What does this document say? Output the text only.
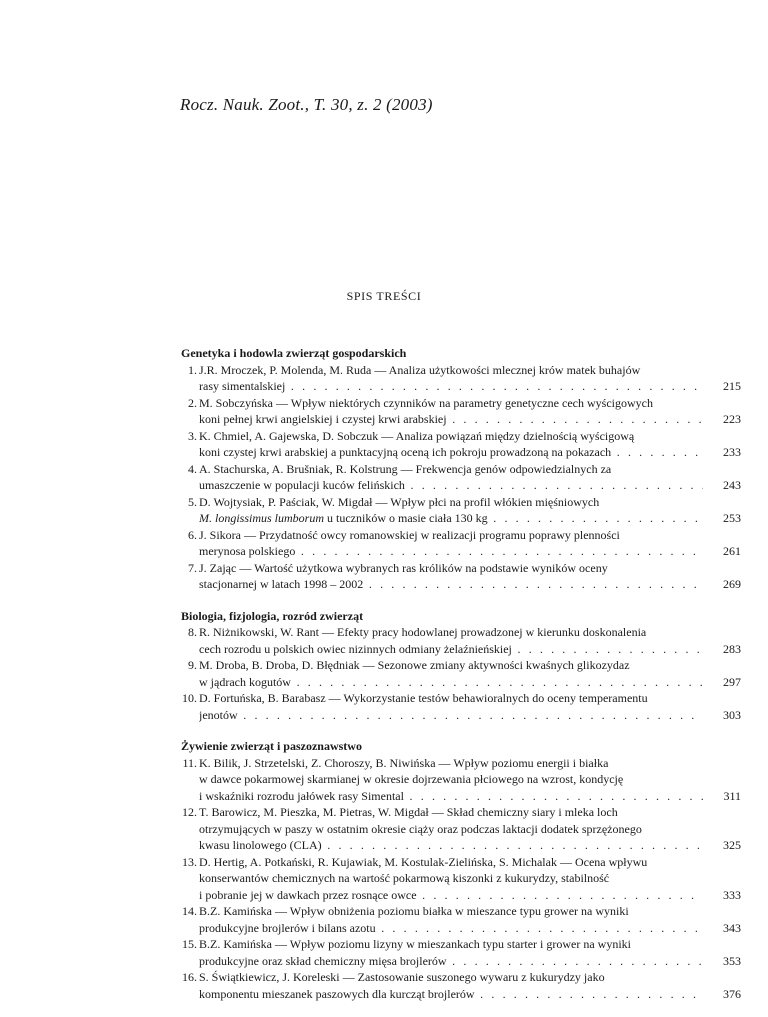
Rocz. Nauk. Zoot., T. 30, z. 2 (2003)
SPIS TREŚCI
Genetyka i hodowla zwierząt gospodarskich
1. J.R. Mroczek, P. Molenda, M. Ruda — Analiza użytkowości mlecznej krów matek buhajów
rasy simentalskiej . . .	215
2. M. Sobczyńska — Wpływ niektórych czynników na parametry genetyczne cech wyścigowych
koni pełnej krwi angielskiej i czystej krwi arabskiej . . .	223
3. K. Chmiel, A. Gajewska, D. Sobczuk — Analiza powiązań między dzielnością wyścigową
koni czystej krwi arabskiej a punktacyjną oceną ich pokroju prowadzoną na pokazach . . .	233
4. A. Stachurska, A. Brušniak, R. Kolstrung — Frekwencja genów odpowiedzialnych za
umaszczenie w populacji kuców felińskich . . .	243
5. D. Wojtysiak, P. Paściak, W. Migdał — Wpływ płci na profil włókien mięśniowych
M. longissimus lumborum u tuczników o masie ciała 130 kg . . .	253
6. J. Sikora — Przydatność owcy romanowskiej w realizacji programu poprawy plenności
merynosa polskiego . . .	261
7. J. Zając — Wartość użytkowa wybranych ras królików na podstawie wyników oceny
stacjonarnej w latach 1998 – 2002 . . .	269
Biologia, fizjologia, rozród zwierząt
8. R. Niżnikowski, W. Rant — Efekty pracy hodowlanej prowadzonej w kierunku doskonalenia
cech rozrodu u polskich owiec nizinnych odmiany żelaźnieńskiej . . .	283
9. M. Droba, B. Droba, D. Błędniak — Sezonowe zmiany aktywności kwaśnych glikozydaz
w jądrach kogutów . . .	297
10. D. Fortuńska, B. Barabasz — Wykorzystanie testów behawioralnych do oceny temperamentu
jenotów . . .	303
Żywienie zwierząt i paszoznawstwo
11. K. Bilik, J. Strzetelski, Z. Choroszy, B. Niwińska — Wpływ poziomu energii i białka
w dawce pokarmowej skarmianej w okresie dojrzewania płciowego na wzrost, kondycję
i wskaźniki rozrodu jałówek rasy Simental . . .	311
12. T. Barowicz, M. Pieszka, M. Pietras, W. Migdał — Skład chemiczny siary i mleka loch
otrzymujących w paszy w ostatnim okresie ciąży oraz podczas laktacji dodatek sprzężonego
kwasu linolowego (CLA) . . .	325
13. D. Hertig, A. Potkański, R. Kujawiak, M. Kostulak-Zielińska, S. Michalak — Ocena wpływu
konserwantów chemicznych na wartość pokarmową kiszonki z kukurydzy, stabilność
i pobranie jej w dawkach przez rosnące owce . . .	333
14. B.Z. Kamińska — Wpływ obniżenia poziomu białka w mieszance typu grower na wyniki
produkcyjne brojlerów i bilans azotu . . .	343
15. B.Z. Kamińska — Wpływ poziomu lizyny w mieszankach typu starter i grower na wyniki
produkcyjne oraz skład chemiczny mięsa brojlerów . . .	353
16. S. Świątkiewicz, J. Koreleski — Zastosowanie suszonego wywaru z kukurydzy jako
komponentu mieszanek paszowych dla kurcząt brojlerów . . .	376
